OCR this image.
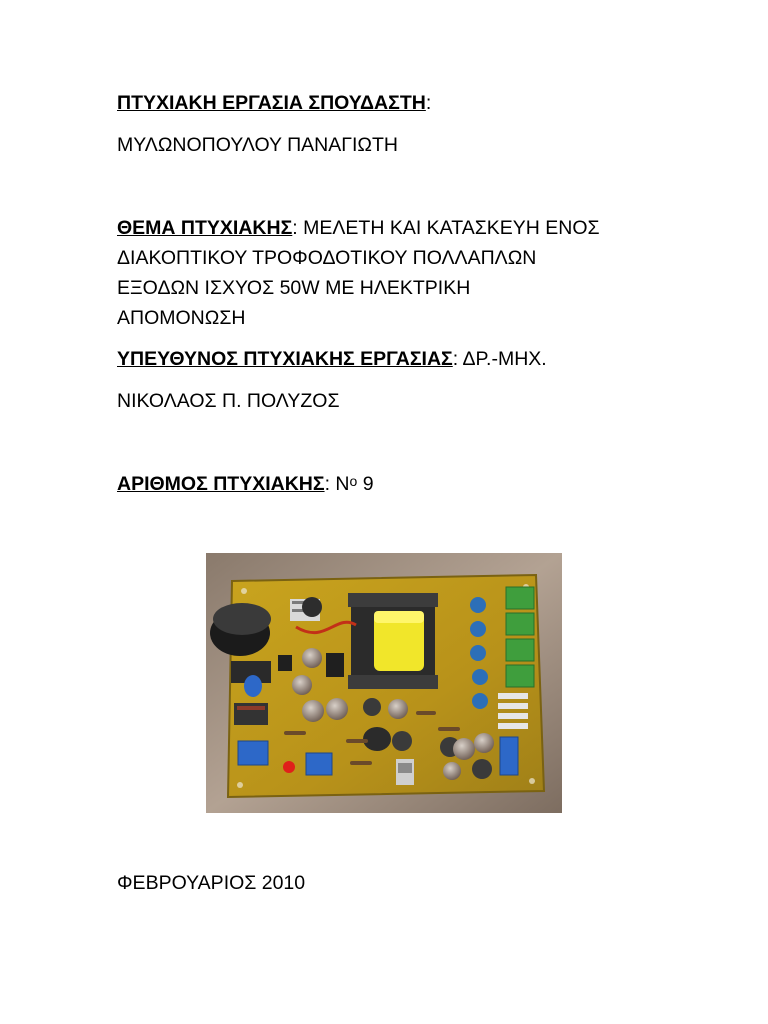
ΠΤΥΧΙΑΚΗ ΕΡΓΑΣΙΑ ΣΠΟΥΔΑΣΤΗ:
ΜΥΛΩΝΟΠΟΥΛΟΥ ΠΑΝΑΓΙΩΤΗ
ΘΕΜΑ ΠΤΥΧΙΑΚΗΣ: ΜΕΛΕΤΗ ΚΑΙ ΚΑΤΑΣΚΕΥΗ ΕΝΟΣ
ΔΙΑΚΟΠΤΙΚΟΥ ΤΡΟΦΟΔΟΤΙΚΟΥ ΠΟΛΛΑΠΛΩΝ
ΕΞΟΔΩΝ ΙΣΧΥΟΣ 50W ΜΕ ΗΛΕΚΤΡΙΚΗ
ΑΠΟΜΟΝΩΣΗ
ΥΠΕΥΘΥΝΟΣ ΠΤΥΧΙΑΚΗΣ ΕΡΓΑΣΙΑΣ: ΔΡ.-ΜΗΧ.
ΝΙΚΟΛΑΟΣ Π. ΠΟΛΥΖΟΣ
ΑΡΙΘΜΟΣ ΠΤΥΧΙΑΚΗΣ: $N^o$ 9
ΦΕΒΡΟΥΑΡΙΟΣ 2010
